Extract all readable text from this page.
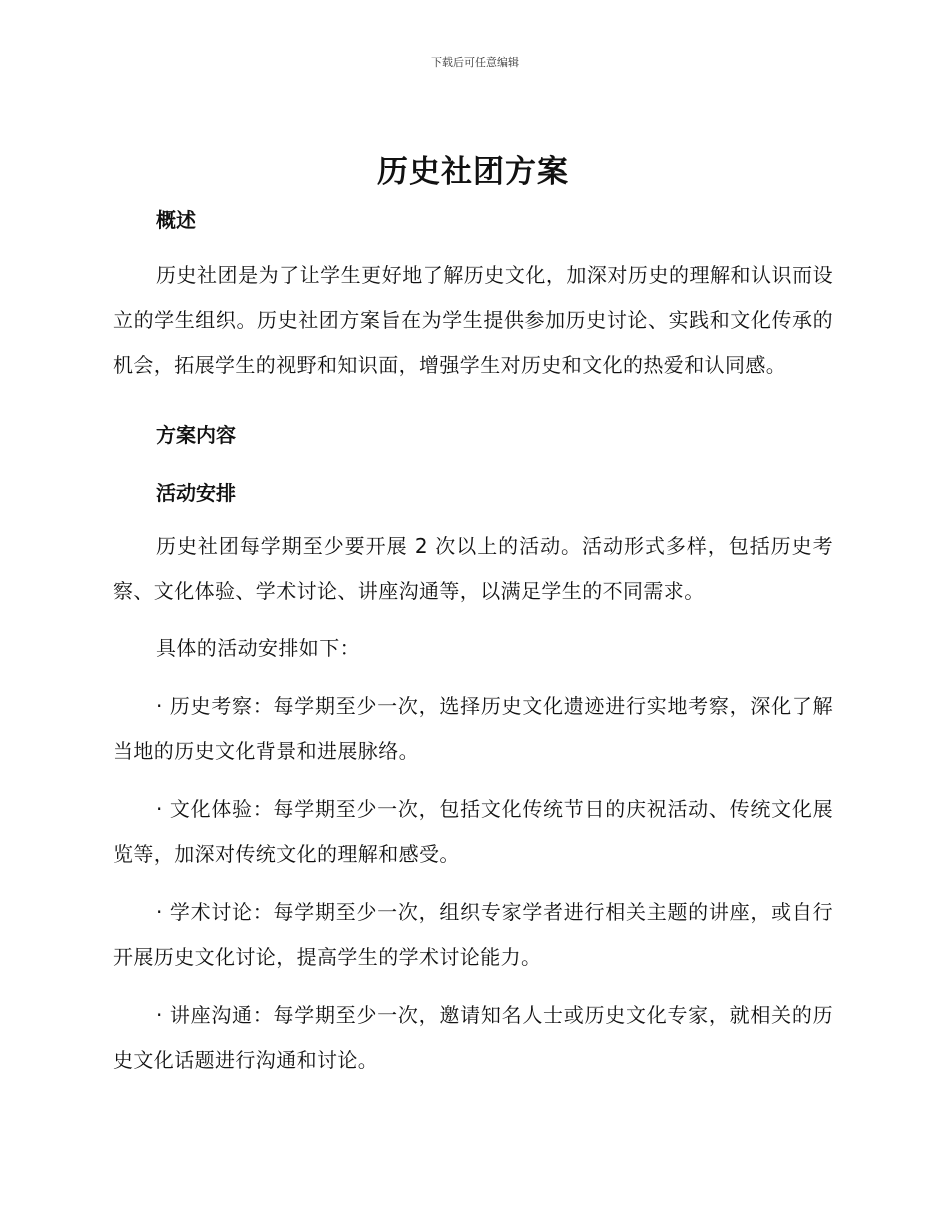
下载后可任意编辑
历史社团方案

概述

历史社团是为了让学生更好地了解历史文化，加深对历史的理解和认识而设立的学生组织。历史社团方案旨在为学生提供参加历史讨论、实践和文化传承的机会，拓展学生的视野和知识面，增强学生对历史和文化的热爱和认同感。

方案内容

活动安排

历史社团每学期至少要开展 2 次以上的活动。活动形式多样，包括历史考察、文化体验、学术讨论、讲座沟通等，以满足学生的不同需求。

具体的活动安排如下：

· 历史考察：每学期至少一次，选择历史文化遗迹进行实地考察，深化了解当地的历史文化背景和进展脉络。

· 文化体验：每学期至少一次，包括文化传统节日的庆祝活动、传统文化展览等，加深对传统文化的理解和感受。

· 学术讨论：每学期至少一次，组织专家学者进行相关主题的讲座，或自行开展历史文化讨论，提高学生的学术讨论能力。

· 讲座沟通：每学期至少一次，邀请知名人士或历史文化专家，就相关的历史文化话题进行沟通和讨论。
